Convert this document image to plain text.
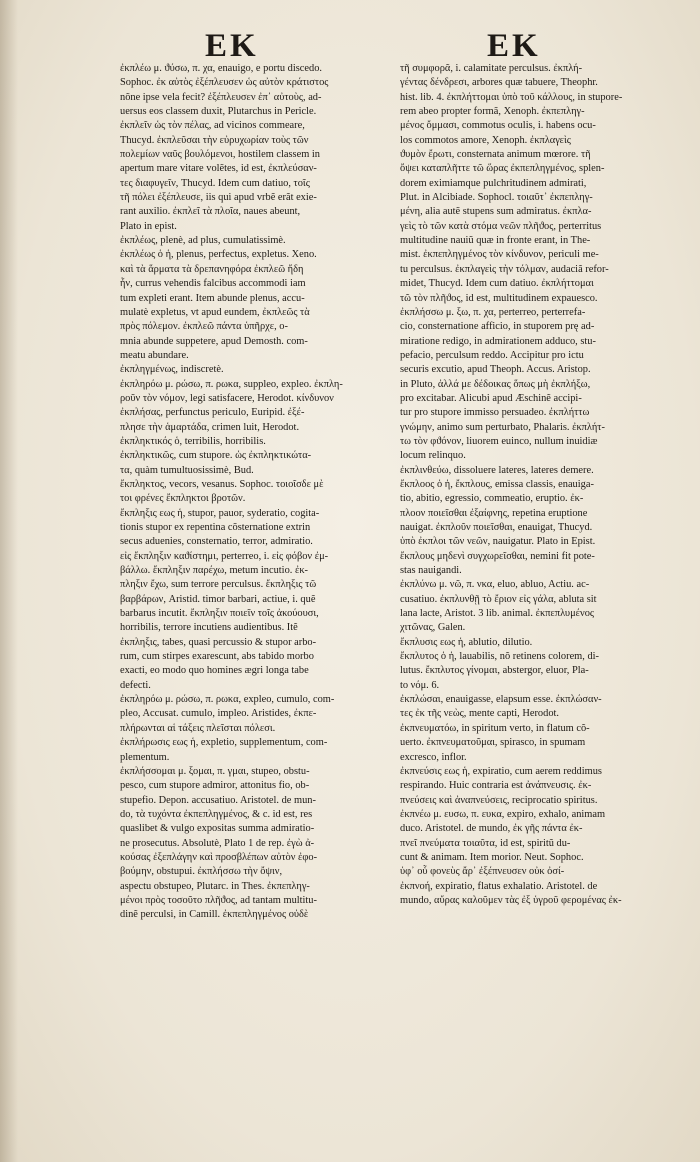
EK	EK
ἐκπλέω μ. ϑύσω, π. χα, enauigo, e portu discedo.
Sophoc. ἐκ αὐτὸς ἐξέπλευσεν ὡς αὐτὸν κράτιστος
nõne ipse vela fecit? ἐξέπλευσεν ἐπ᾽ αὐτοὺς, ad-
uersus eos classem duxit, Plutarchus in Pericle.
ἐκπλεῖν ὡς τὸν πέλας, ad vicinos commeare,
Thucyd. ἐκπλεῦσαι τὴν εὐρυχωρίαν τοὺς τῶν
πολεμίων ναῦς βουλόμενοι, hostilem classem in
apertum mare vitare volẽtes, id est, ἐκπλεύσαν-
τες διαφυγεῖν, Thucyd. Idem cum datiuo, τοῖς
τῆ πόλει ἐξέπλευσε, iis qui apud vrbẽ erãt exie-
rant auxilio. ἐκπλεῖ τὰ πλοῖα, naues abeunt,
Plato in epist.
ἐκπλέως, plenè, ad plus, cumulatissimè.
ἐκπλέως ὁ ἡ, plenus, perfectus, expletus. Xeno.
καὶ τὰ ἅρματα τὰ δρεπανηφόρα ἐκπλεῶ ἤδη
ἦν, currus vehendis falcibus accommodi iam
tum expleti erant. Item abunde plenus, accu-
mulatè expletus, vt apud eundem, ἐκπλεῶς τὰ
πρὸς πόλεμον. ἐκπλεῶ πάντα ὑπῆρχε, o-
mnia abunde suppetere, apud Demosth. com-
meatu abundare.
ἐκπληγμένως, indiscretè.
ἐκπληρόω μ. ρώσω, π. ρωκα, suppleo, expleo. ἐκπλη-
ροῦν τὸν νόμον, legi satisfacere, Herodot. κίνδυνον
ἐκπλήσας, perfunctus periculo, Euripid. ἐξέ-
πλησε τὴν ἁμαρτάδα, crimen luit, Herodot.
ἐκπληκτικός ὁ, terribilis, horribilis.
ἐκπληκτικῶς, cum stupore. ὡς ἐκπληκτικώτα-
τα, quàm tumultuosissimè, Bud.
ἔκπληκτος, vecors, vesanus. Sophoc. τοιοῖσδε μὲ
τοι φρένες ἔκπληκτοι βροτῶν.
ἔκπληξις εως ἡ, stupor, pauor, syderatio, cogita-
tionis stupor ex repentina cõsternatione extrin
secus aduenies, consternatio, terror, admiratio.
εἰς ἔκπληξιν καϑίστημι, perterreo, i. εἰς φόβον ἐμ-
βάλλω. ἔκπληξιν παρέχω, metum incutio. ἐκ-
πληξιν ἔχω, sum terrore perculsus. ἔκπληξις τῶ
βαρβάρων, Aristid. timor barbari, actiue, i. quẽ
barbarus incutit. ἔκπληξιν ποιεῖν τοῖς ἀκούουσι,
horribilis, terrore incutiens audientibus. Itẽ
ἐκπληξις, tabes, quasi percussio & stupor arbo-
rum, cum stirpes exarescunt, abs tabido morbo
exacti, eo modo quo homines ægri longa tabe
defecti.
ἐκπληρόω μ. ρώσω, π. ρωκα, expleo, cumulo, com-
pleo, Accusat. cumulo, impleo. Aristides, ἐκπε-
πλήρωνται αἱ τάξεις πλεῖσται πόλεσι.
ἐκπλήρωσις εως ἡ, expletio, supplementum, com-
plementum.
ἐκπλήσσομαι μ. ξομαι, π. γμαι, stupeo, obstu-
pesco, cum stupore admiror, attonitus fio, ob-
stupefio. Depon. accusatiuo. Aristotel. de mun-
do, τὰ τυχόντα ἐκπεπληγμένος, & c. id est, res
quaslibet & vulgo expositas summa admiratio-
ne prosecutus. Absolutè, Plato 1 de rep. ἐγὼ ἀ-
κούσας ἐξεπλάγην καὶ προσβλέπων αὐτὸν ἐφο-
βούμην, obstupui. ἐκπλήσσω τὴν ὄψιν,
aspectu obstupeo, Plutarc. in Thes. ἐκπεπληγ-
μένοι πρὸς τοσοῦτο πλῆϑος, ad tantam multitu-
dinẽ perculsi, in Camill. ἐκπεπληγμένος οὐδὲ
τῆ συμφορᾶ, i. calamitate perculsus. ἐκπλή-
γέντας δένδρεσι, arbores quæ tabuere, Theophr.
hist. lib. 4. ἐκπλήττομαι ὑπὸ τοῦ κάλλους, in stupore-
rem abeo propter formã, Xenoph. ἐκπεπληγ-
μένος ὄμμασι, commotus oculis, i. habens ocu-
los commotos amore, Xenoph. ἐκπλαγεὶς
ϑυμὸν ἔρωτι, consternata animum mœrore. τῆ
ὄψει καταπλῆττε τῶ ὥρας ἐκπεπληγμένος, splen-
dorem eximiamque pulchritudinem admirati,
Plut. in Alcibiade. Sophocl. τοιαῦτ᾽ ἐκπεπληγ-
μένη, alia autẽ stupens sum admiratus. ἐκπλα-
γεὶς τὸ τῶν κατὰ στόμα νεῶν πλῆϑος, perterritus
multitudine nauiũ quæ in fronte erant, in The-
mist. ἐκπεπληγμένος τὸν κίνδυνον, periculi me-
tu perculsus. ἐκπλαγεὶς τὴν τόλμαν, audaciã refor-
midet, Thucyd. Idem cum datiuo. ἐκπλήττομαι
τῶ τὸν πλῆϑος, id est, multitudinem expauesco.
ἐκπλήσσω μ. ξω, π. χα, perterreo, perterrefa-
cio, consternatione afficio, in stuporem prę ad-
miratione redigo, in admirationem adduco, stu-
pefacio, perculsum reddo. Accipitur pro ictu
securis excutio, apud Theoph. Accus. Aristop.
in Pluto, ἀλλά με δέδοικας ὅπως μὴ ἐκπλήξω,
pro excitabar. Alicubi apud Æschinẽ accipi-
tur pro stupore immisso persuadeo. ἐκπλήττω
γνώμην, animo sum perturbato, Phalaris. ἐκπλήτ-
τω τὸν φϑόνον, liuorem euinco, nullum inuidiæ
locum relinquo.
ἐκπλινθεύω, dissoluere lateres, lateres demere.
ἔκπλοος ὁ ἡ, ἔκπλους, emissa classis, enauiga-
tio, abitio, egressio, commeatio, eruptio. ἐκ-
πλοον ποιεῖσθαι ἐξαίφνης, repetina eruptione
nauigat. ἐκπλοῦν ποιεῖσθαι, enauigat, Thucyd.
ὑπὸ ἐκπλοι τῶν νεῶν, nauigatur. Plato in Epist.
ἔκπλους μηδενὶ συγχωρεῖσθαι, nemini fit pote-
stas nauigandi.
ἐκπλύνω μ. νῶ, π. νκα, eluo, abluo, Actiu. ac-
cusatiuo. ἐκπλυνθῇ τὸ ἔριον εἰς γάλα, abluta sit
lana lacte, Aristot. 3 lib. animal. ἐκπεπλυμένος
χιτῶνας, Galen.
ἔκπλυσις εως ἡ, ablutio, dilutio.
ἔκπλυτος ὁ ἡ, lauabilis, nõ retinens colorem, di-
lutus. ἔκπλυτος γίνομαι, abstergor, eluor, Pla-
to νόμ. 6.
ἐκπλώσαι, enauigasse, elapsum esse. ἐκπλώσαν-
τες ἐκ τῆς νεὼς, mente capti, Herodot.
ἐκπνευματόω, in spiritum verto, in flatum cõ-
uerto. ἐκπνευματοῦμαι, spirasco, in spumam
excresco, inflor.
ἐκπνεύσις εως ἡ, expiratio, cum aerem reddimus
respirando. Huic contraria est ἀνάπνευσις. ἐκ-
πνεύσεις καὶ ἀναπνεύσεις, reciprocatio spiritus.
ἐκπνέω μ. ευσω, π. ευκα, expiro, exhalo, animam
duco. Aristotel. de mundo, ἐκ γῆς πάντα ἐκ-
πνεῖ πνεύματα τοιαῦτα, id est, spiritũ du-
cunt & animam. Item morior. Neut. Sophoc.
ὑφ᾽ οὗ φονεὺς ἄρ᾽ ἐξέπνευσεν οὐκ ὀσί-
ἐκπνοή, expiratio, flatus exhalatio. Aristotel. de
mundo, αὔρας καλοῦμεν τὰς ἐξ ὑγροῦ φερομένας ἐκ-
